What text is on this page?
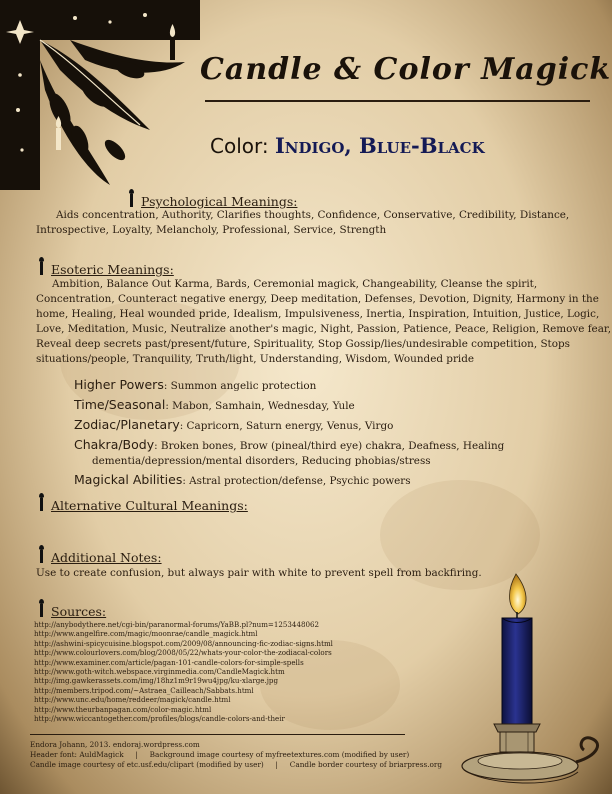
Candle & Color Magick
Color: Indigo, Blue-Black
Psychological Meanings:
Aids concentration, Authority, Clarifies thoughts, Confidence, Conservative, Credibility, Distance,
Introspective, Loyalty, Melancholy, Professional, Service, Strength
Esoteric Meanings:
Ambition, Balance Out Karma, Bards, Ceremonial magick, Changeability, Cleanse the spirit,
Concentration, Counteract negative energy, Deep meditation, Defenses, Devotion, Dignity, Harmony in the
home, Healing, Heal wounded pride, Idealism, Impulsiveness, Inertia, Inspiration, Intuition, Justice, Logic,
Love, Meditation, Music, Neutralize another's magic, Night, Passion, Patience, Peace, Religion, Remove fear,
Reveal deep secrets past/present/future, Spirituality, Stop Gossip/lies/undesirable competition, Stops
situations/people, Tranquility, Truth/light, Understanding, Wisdom, Wounded pride
Higher Powers: Summon angelic protection
Time/Seasonal: Mabon, Samhain, Wednesday, Yule
Zodiac/Planetary: Capricorn, Saturn energy, Venus, Virgo
Chakra/Body: Broken bones, Brow (pineal/third eye) chakra, Deafness, Healing
dementia/depression/mental disorders, Reducing phobias/stress
Magickal Abilities: Astral protection/defense, Psychic powers
Alternative Cultural Meanings:
Additional Notes:
Use to create confusion, but always pair with white to prevent spell from backfiring.
Sources:
http://anybodythere.net/cgi-bin/paranormal-forums/YaBB.pl?num=1253448062
http://www.angelfire.com/magic/moonrae/candle_magick.html
http://ashwini-spicycuisine.blogspot.com/2009/08/announcing-fic-zodiac-signs.html
http://www.colourlovers.com/blog/2008/05/22/whats-your-color-the-zodiacal-colors
http://www.examiner.com/article/pagan-101-candle-colors-for-simple-spells
http://www.goth-witch.webspace.virginmedia.com/CandleMagick.htm
http://img.gawkerassets.com/img/18hz1m9r19wu4jpg/ku-xlarge.jpg
http://members.tripod.com/~Astraea_Cailleach/Sabbats.html
http://www.unc.edu/home/reddeer/magick/candle.html
http://www.theurbanpagan.com/color-magic.html
http://www.wiccantogether.com/profiles/blogs/candle-colors-and-their
Endora Johann, 2013. endoraj.wordpress.com
Header font: AuldMagick | Background image courtesy of myfreetextures.com (modified by user)
Candle image courtesy of etc.usf.edu/clipart (modified by user) | Candle border courtesy of briarpress.org
